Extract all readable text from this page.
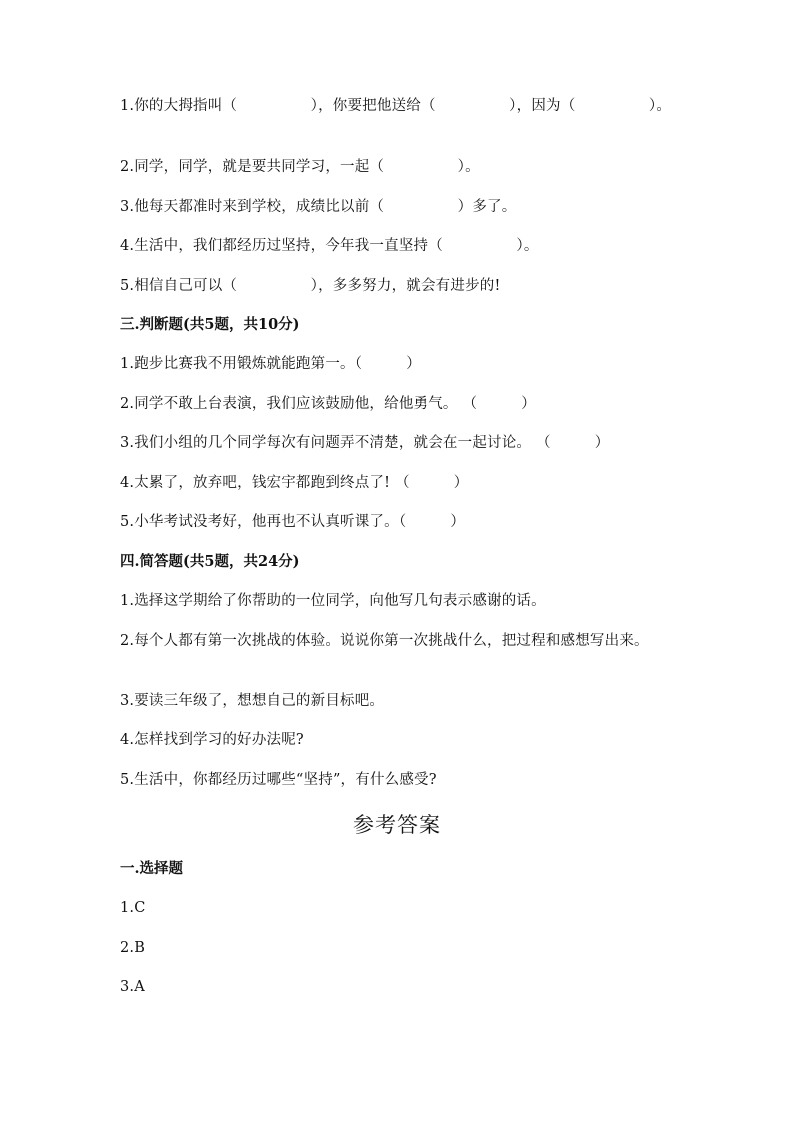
1.你的大拇指叫（　　　　　），你要把他送给（　　　　　），因为（　　　　　）。
2.同学，同学，就是要共同学习，一起（　　　　　）。
3.他每天都准时来到学校，成绩比以前（　　　　　）多了。
4.生活中，我们都经历过坚持，今年我一直坚持（　　　　　）。
5.相信自己可以（　　　　　），多多努力，就会有进步的!
三.判断题(共5题，共10分)
1.跑步比赛我不用锻炼就能跑第一。（　　　）
2.同学不敢上台表演，我们应该鼓励他，给他勇气。 （　　　）
3.我们小组的几个同学每次有问题弄不清楚，就会在一起讨论。 （　　　）
4.太累了，放弃吧，钱宏宇都跑到终点了! （　　　）
5.小华考试没考好，他再也不认真听课了。（　　　）
四.简答题(共5题，共24分)
1.选择这学期给了你帮助的一位同学，向他写几句表示感谢的话。
2.每个人都有第一次挑战的体验。说说你第一次挑战什么，把过程和感想写出来。
3.要读三年级了，想想自己的新目标吧。
4.怎样找到学习的好办法呢?
5.生活中，你都经历过哪些“坚持”，有什么感受?
参考答案
一.选择题
1.C
2.B
3.A
